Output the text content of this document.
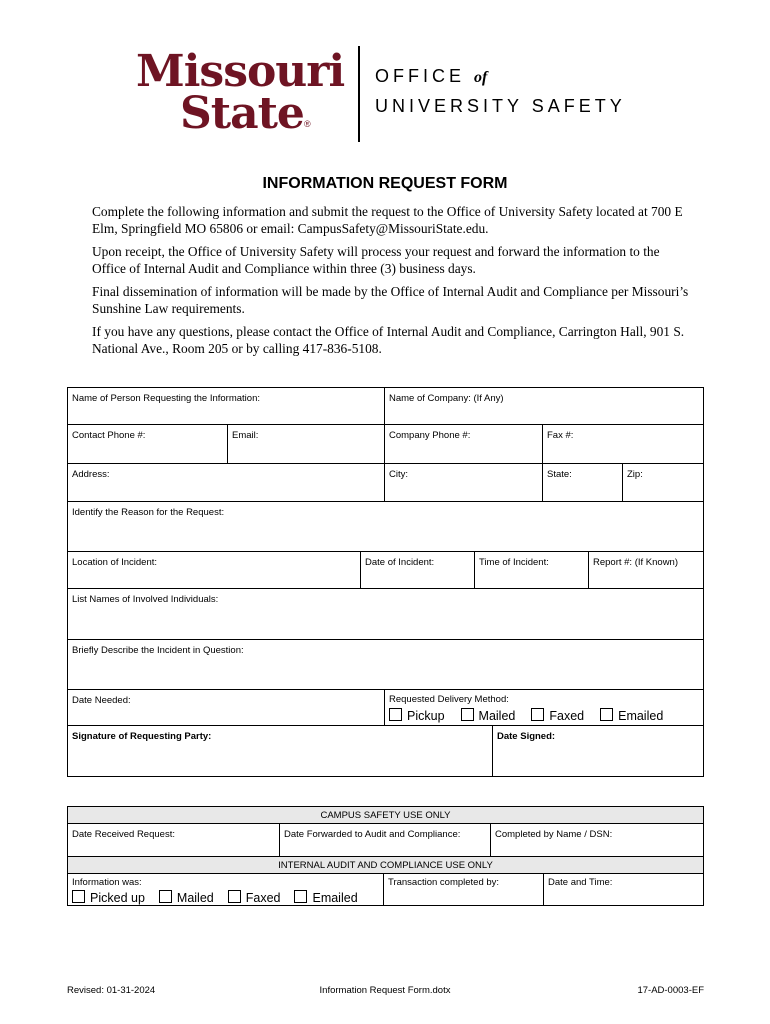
Missouri
State®
OFFICE of
UNIVERSITY SAFETY
INFORMATION REQUEST FORM
Complete the following information and submit the request to the Office of University Safety located at 700 E Elm, Springfield MO 65806 or email: CampusSafety@MissouriState.edu.
Upon receipt, the Office of University Safety will process your request and forward the information to the Office of Internal Audit and Compliance within three (3) business days.
Final dissemination of information will be made by the Office of Internal Audit and Compliance per Missouri’s Sunshine Law requirements.
If you have any questions, please contact the Office of Internal Audit and Compliance, Carrington Hall, 901 S. National Ave., Room 205 or by calling 417-836-5108.
Name of Person Requesting the Information:	Name of Company: (If Any)
Contact Phone #:	Email:	Company Phone #:	Fax #:
Address:	City:	State:	Zip:
Identify the Reason for the Request:
Location of Incident:	Date of Incident:	Time of Incident:	Report #: (If Known)
List Names of Involved Individuals:
Briefly Describe the Incident in Question:
Date Needed:	Requested Delivery Method:
Pickup	Mailed	Faxed	Emailed
Signature of Requesting Party:	Date Signed:
CAMPUS SAFETY USE ONLY
Date Received Request:	Date Forwarded to Audit and Compliance:	Completed by Name / DSN:
INTERNAL AUDIT AND COMPLIANCE USE ONLY
Information was:
Picked up	Mailed	Faxed	Emailed
Transaction completed by:	Date and Time:
Revised: 01-31-2024	Information Request Form.dotx	17-AD-0003-EF
